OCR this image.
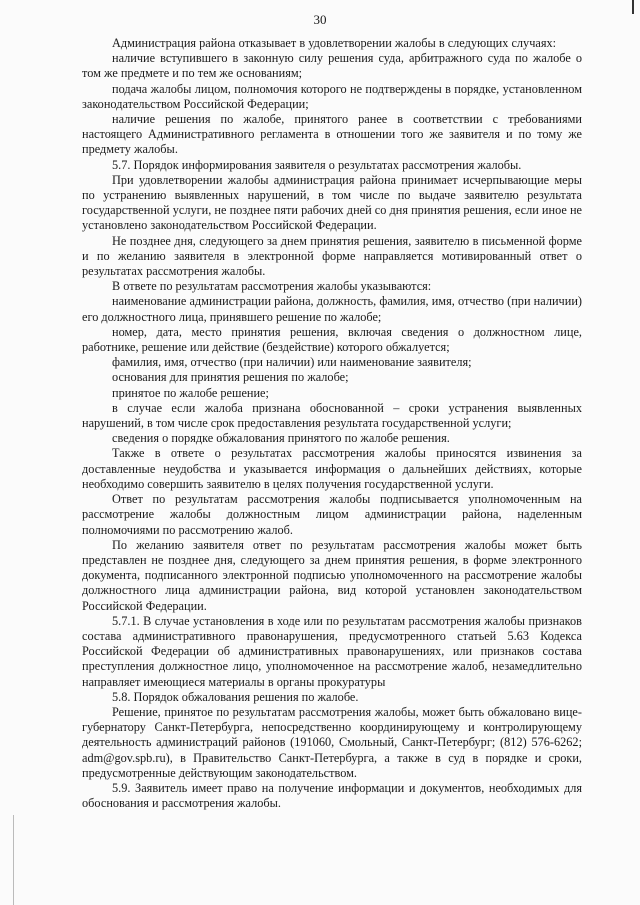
30

Администрация района отказывает в удовлетворении жалобы в следующих случаях:

наличие вступившего в законную силу решения суда, арбитражного суда по жалобе о том же предмете и по тем же основаниям;

подача жалобы лицом, полномочия которого не подтверждены в порядке, установленном законодательством Российской Федерации;

наличие решения по жалобе, принятого ранее в соответствии с требованиями настоящего Административного регламента в отношении того же заявителя и по тому же предмету жалобы.

5.7. Порядок информирования заявителя о результатах рассмотрения жалобы.

При удовлетворении жалобы администрация района принимает исчерпывающие меры по устранению выявленных нарушений, в том числе по выдаче заявителю результата государственной услуги, не позднее пяти рабочих дней со дня принятия решения, если иное не установлено законодательством Российской Федерации.

Не позднее дня, следующего за днем принятия решения, заявителю в письменной форме и по желанию заявителя в электронной форме направляется мотивированный ответ о результатах рассмотрения жалобы.

В ответе по результатам рассмотрения жалобы указываются:

наименование администрации района, должность, фамилия, имя, отчество (при наличии) его должностного лица, принявшего решение по жалобе;

номер, дата, место принятия решения, включая сведения о должностном лице, работнике, решение или действие (бездействие) которого обжалуется;

фамилия, имя, отчество (при наличии) или наименование заявителя;

основания для принятия решения по жалобе;

принятое по жалобе решение;

в случае если жалоба признана обоснованной – сроки устранения выявленных нарушений, в том числе срок предоставления результата государственной услуги;

сведения о порядке обжалования принятого по жалобе решения.

Также в ответе о результатах рассмотрения жалобы приносятся извинения за доставленные неудобства и указывается информация о дальнейших действиях, которые необходимо совершить заявителю в целях получения государственной услуги.

Ответ по результатам рассмотрения жалобы подписывается уполномоченным на рассмотрение жалобы должностным лицом администрации района, наделенным полномочиями по рассмотрению жалоб.

По желанию заявителя ответ по результатам рассмотрения жалобы может быть представлен не позднее дня, следующего за днем принятия решения, в форме электронного документа, подписанного электронной подписью уполномоченного на рассмотрение жалобы должностного лица администрации района, вид которой установлен законодательством Российской Федерации.

5.7.1. В случае установления в ходе или по результатам рассмотрения жалобы признаков состава административного правонарушения, предусмотренного статьей 5.63 Кодекса Российской Федерации об административных правонарушениях, или признаков состава преступления должностное лицо, уполномоченное на рассмотрение жалоб, незамедлительно направляет имеющиеся материалы в органы прокуратуры

5.8. Порядок обжалования решения по жалобе.

Решение, принятое по результатам рассмотрения жалобы, может быть обжаловано вице-губернатору Санкт-Петербурга, непосредственно координирующему и контролирующему деятельность администраций районов (191060, Смольный, Санкт-Петербург; (812) 576-6262; adm@gov.spb.ru), в Правительство Санкт-Петербурга, а также в суд в порядке и сроки, предусмотренные действующим законодательством.

5.9. Заявитель имеет право на получение информации и документов, необходимых для обоснования и рассмотрения жалобы.
